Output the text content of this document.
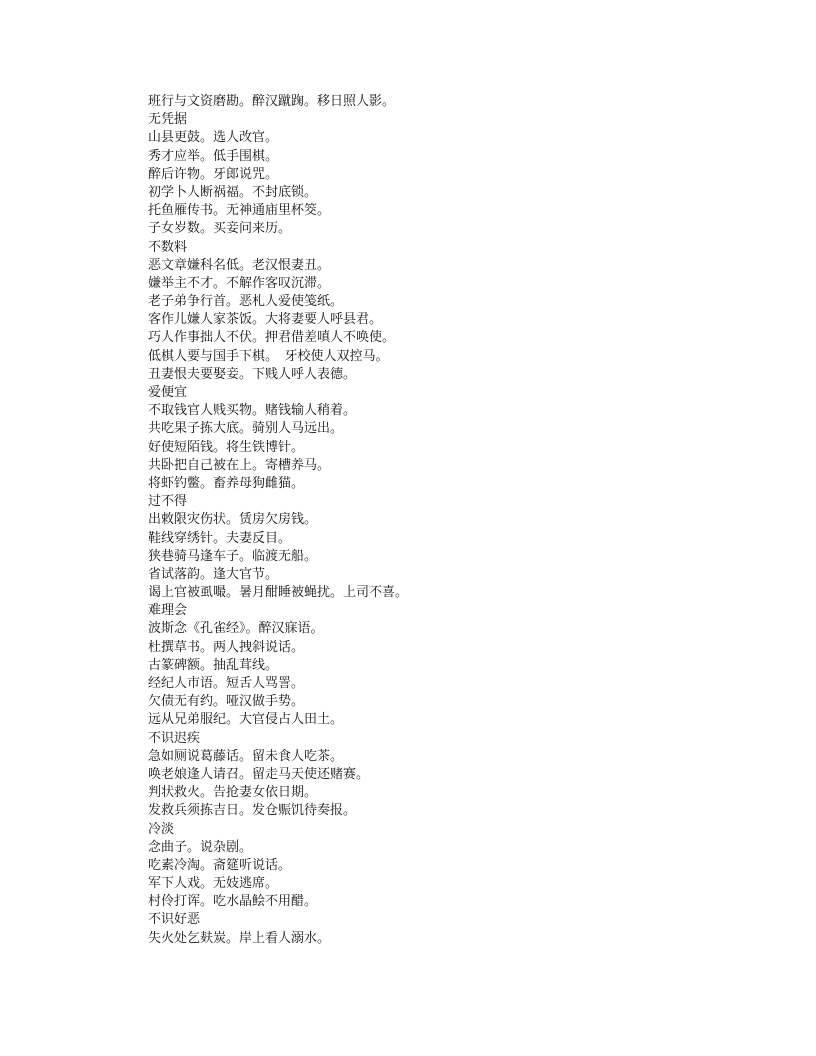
班行与文资磨勘。醉汉蹴踘。移日照人影。
无凭据
山县更鼓。选人改官。
秀才应举。低手围棋。
醉后许物。牙郎说咒。
初学卜人断祸福。不封底锁。
托鱼雁传书。无神通庙里杯筊。
子女岁数。买妾问来历。
不数料
恶文章嫌科名低。老汉恨妻丑。
嫌举主不才。不解作客叹沉滞。
老子弟争行首。恶札人爱使笺纸。
客作儿嫌人家茶饭。大将妻要人呼县君。
巧人作事拙人不伏。押君借差嗔人不唤使。
低棋人要与国手下棋。　牙校使人双控马。
丑妻恨夫要娶妾。下贱人呼人表德。
爱便宜
不取钱官人贱买物。赌钱输人稍着。
共吃果子拣大底。骑别人马远出。
好使短陌钱。将生铁博针。
共卧把自己被在上。寄槽养马。
将虾钓鳖。畜养母狗雌猫。
过不得
出敕限灾伤状。赁房欠房钱。
鞋线穿绣针。夫妻反目。
狭巷骑马逢车子。临渡无船。
省试落韵。逢大官节。
谒上官被虱嘬。暑月酣睡被蝇扰。上司不喜。
难理会
波斯念《孔雀经》。醉汉寐语。
杜撰草书。两人拽斜说话。
古篆碑额。抽乱茸线。
经纪人市语。短舌人骂詈。
欠债无有约。哑汉做手势。
远从兄弟服纪。大官侵占人田土。
不识迟疾
急如厕说葛藤话。留未食人吃茶。
唤老娘逢人请召。留走马天使还赌赛。
判状救火。告抢妻女依日期。
发救兵须拣吉日。发仓赈饥待奏报。
冷淡
念曲子。说杂剧。
吃素冷淘。斋筵听说话。
军下人戏。无妓逃席。
村伶打诨。吃水晶鲙不用醋。
不识好恶
失火处乞麸炭。岸上看人溺水。
